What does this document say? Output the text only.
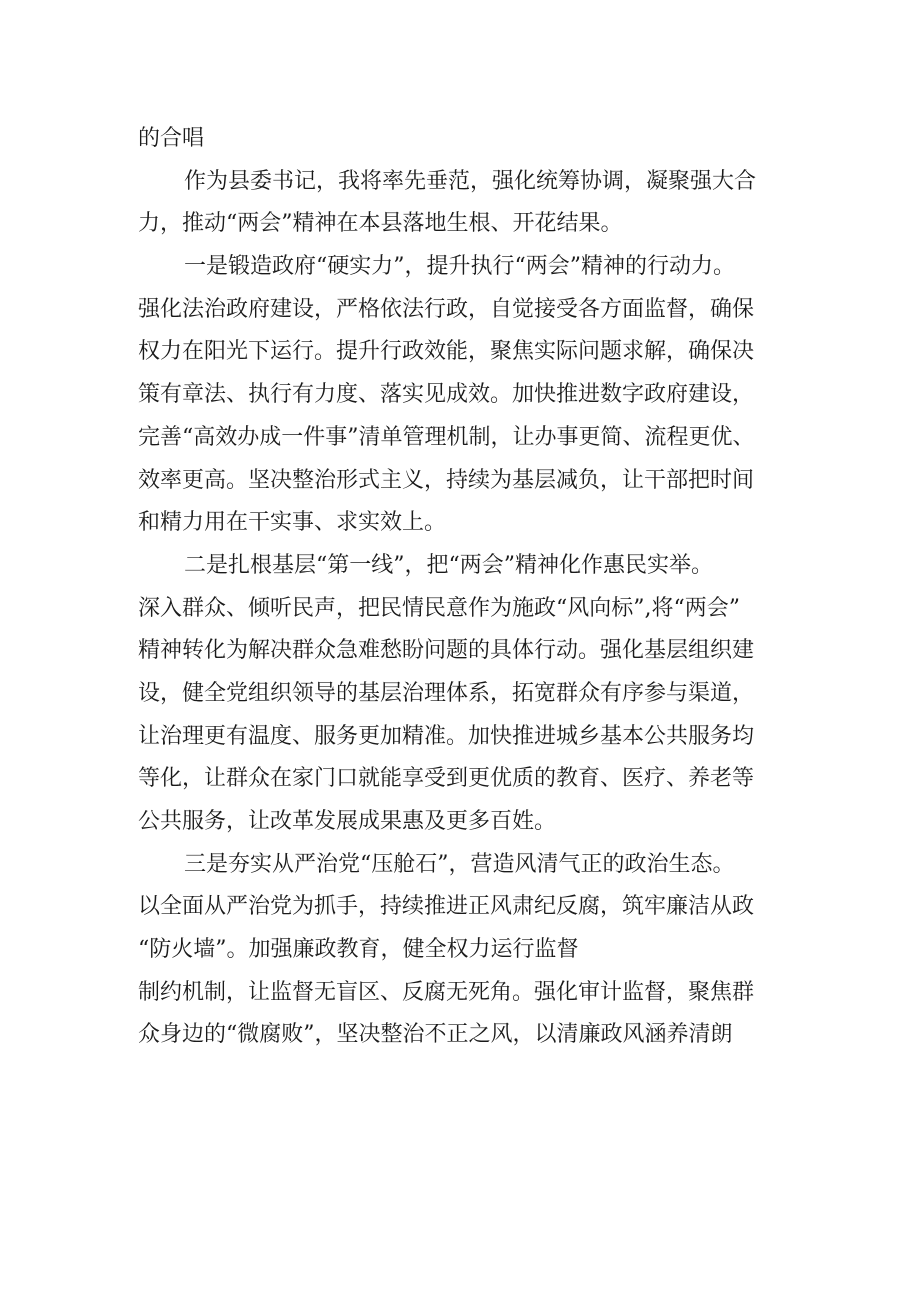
的合唱
作为县委书记，我将率先垂范，强化统筹协调，凝聚强大合
力，推动“两会”精神在本县落地生根、开花结果。
一是锻造政府“硬实力”，提升执行“两会”精神的行动力。
强化法治政府建设，严格依法行政，自觉接受各方面监督，确保
权力在阳光下运行。提升行政效能，聚焦实际问题求解，确保决
策有章法、执行有力度、落实见成效。加快推进数字政府建设，
完善“高效办成一件事”清单管理机制，让办事更简、流程更优、
效率更高。坚决整治形式主义，持续为基层减负，让干部把时间
和精力用在干实事、求实效上。
二是扎根基层“第一线”，把“两会”精神化作惠民实举。
深入群众、倾听民声，把民情民意作为施政“风向标”,将“两会”
精神转化为解决群众急难愁盼问题的具体行动。强化基层组织建
设，健全党组织领导的基层治理体系，拓宽群众有序参与渠道，
让治理更有温度、服务更加精准。加快推进城乡基本公共服务均
等化，让群众在家门口就能享受到更优质的教育、医疗、养老等
公共服务，让改革发展成果惠及更多百姓。
三是夯实从严治党“压舱石”，营造风清气正的政治生态。
以全面从严治党为抓手，持续推进正风肃纪反腐，筑牢廉洁从政
“防火墙”。加强廉政教育，健全权力运行监督
制约机制，让监督无盲区、反腐无死角。强化审计监督，聚焦群
众身边的“微腐败”，坚决整治不正之风，以清廉政风涵养清朗
